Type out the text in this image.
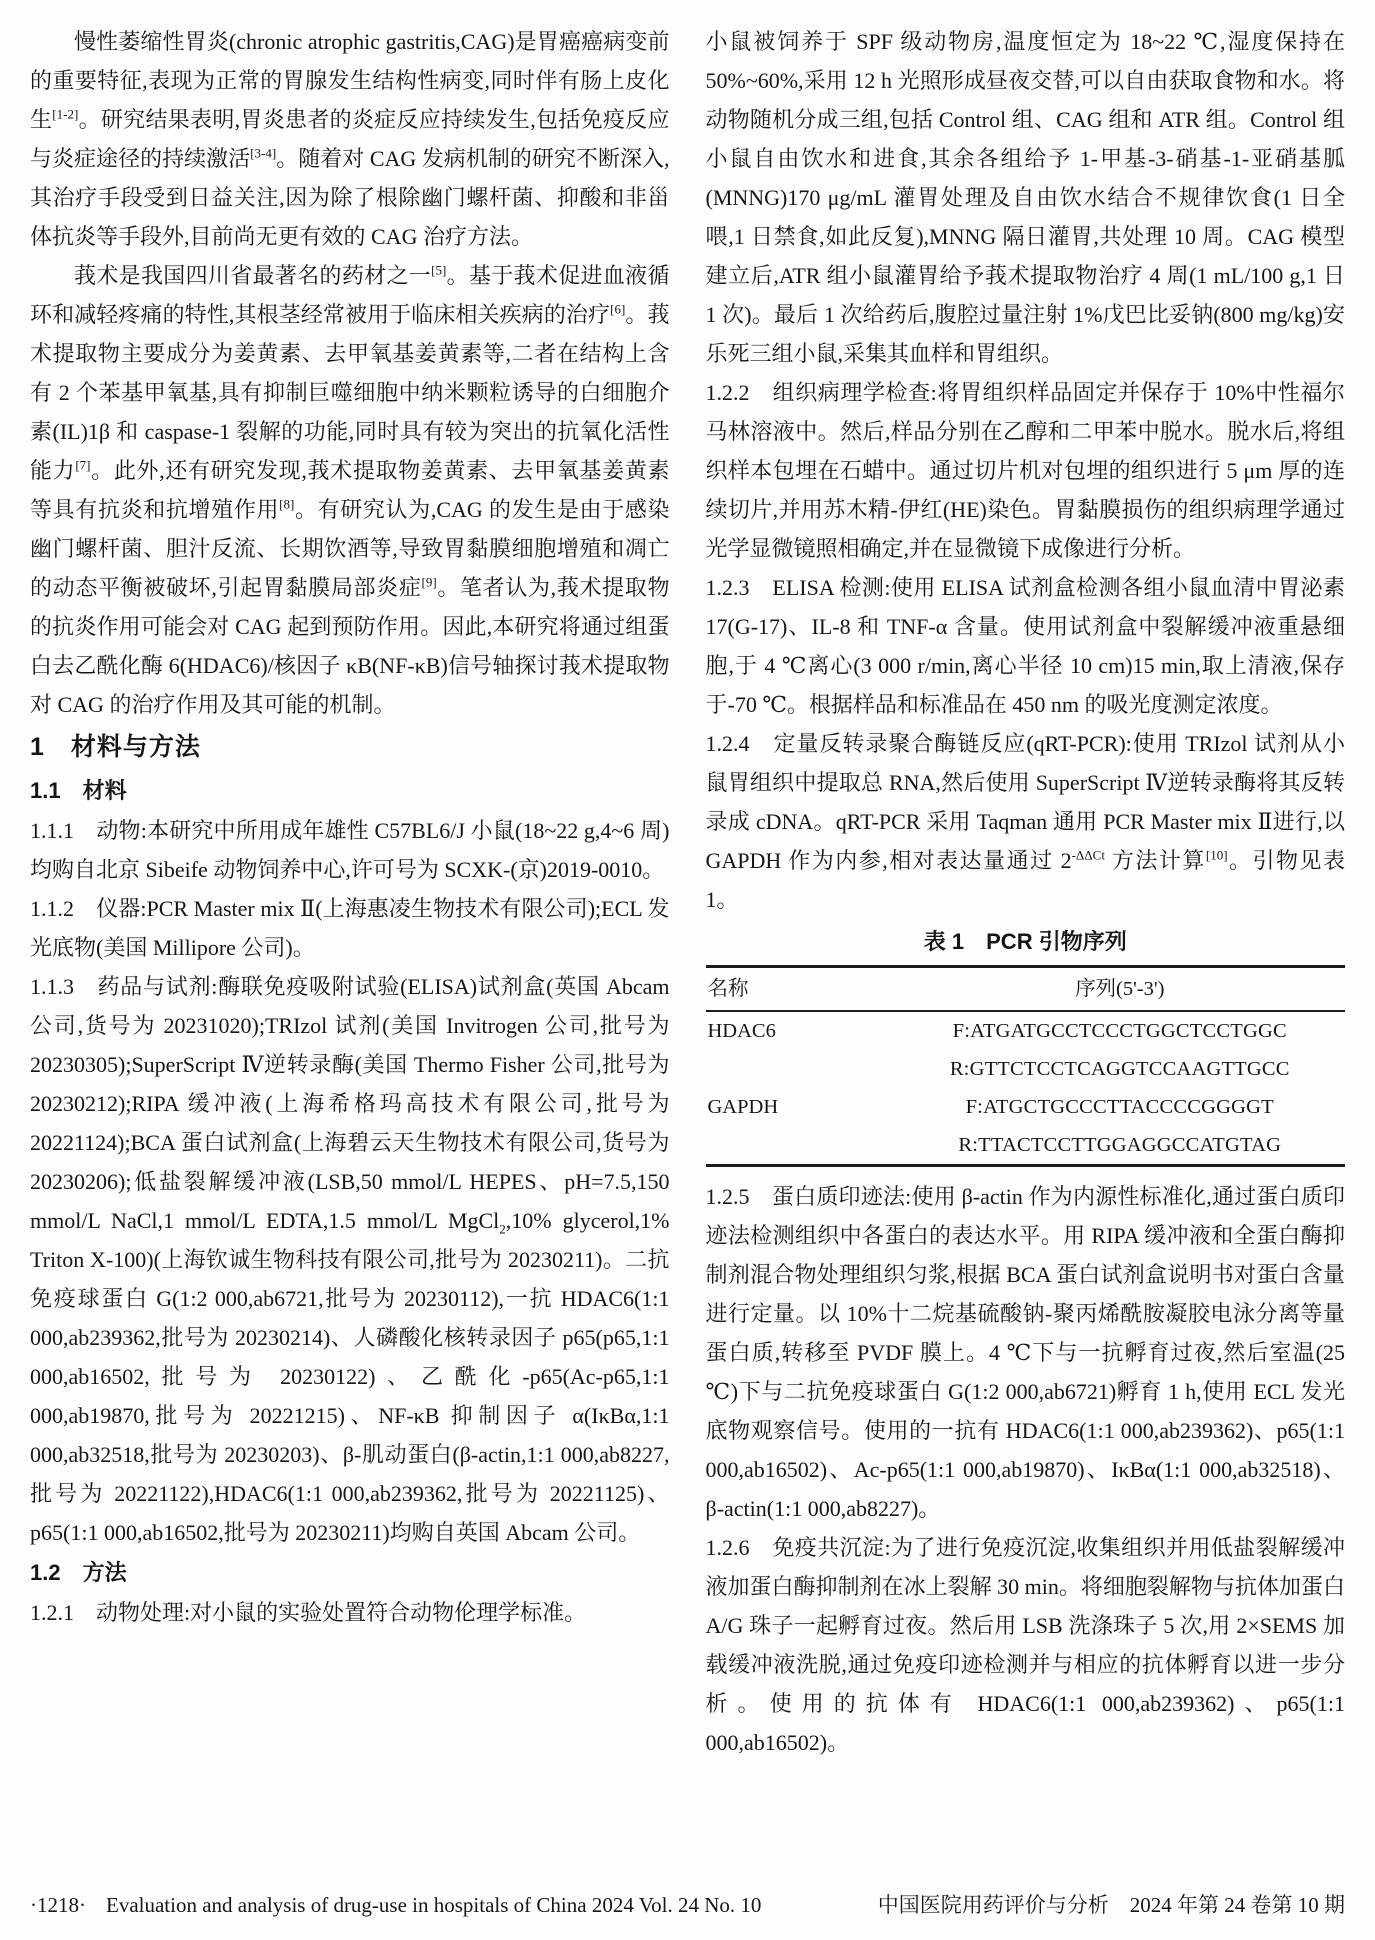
慢性萎缩性胃炎(chronic atrophic gastritis,CAG)是胃癌癌病变前的重要特征,表现为正常的胃腺发生结构性病变,同时伴有肠上皮化生[1-2]。研究结果表明,胃炎患者的炎症反应持续发生,包括免疫反应与炎症途径的持续激活[3-4]。随着对 CAG 发病机制的研究不断深入,其治疗手段受到日益关注,因为除了根除幽门螺杆菌、抑酸和非甾体抗炎等手段外,目前尚无更有效的 CAG 治疗方法。

莪术是我国四川省最著名的药材之一[5]。基于莪术促进血液循环和减轻疼痛的特性,其根茎经常被用于临床相关疾病的治疗[6]。莪术提取物主要成分为姜黄素、去甲氧基姜黄素等,二者在结构上含有 2 个苯基甲氧基,具有抑制巨噬细胞中纳米颗粒诱导的白细胞介素(IL)1β 和 caspase-1 裂解的功能,同时具有较为突出的抗氧化活性能力[7]。此外,还有研究发现,莪术提取物姜黄素、去甲氧基姜黄素等具有抗炎和抗增殖作用[8]。有研究认为,CAG 的发生是由于感染幽门螺杆菌、胆汁反流、长期饮酒等,导致胃黏膜细胞增殖和凋亡的动态平衡被破坏,引起胃黏膜局部炎症[9]。笔者认为,莪术提取物的抗炎作用可能会对 CAG 起到预防作用。因此,本研究将通过组蛋白去乙酰化酶 6(HDAC6)/核因子 κB(NF-κB)信号轴探讨莪术提取物对 CAG 的治疗作用及其可能的机制。

1　材料与方法

1.1　材料

1.1.1　动物:本研究中所用成年雄性 C57BL6/J 小鼠(18~22 g,4~6 周)均购自北京 Sibeife 动物饲养中心,许可号为 SCXK-(京)2019-0010。

1.1.2　仪器:PCR Master mix Ⅱ(上海惠凌生物技术有限公司);ECL 发光底物(美国 Millipore 公司)。

1.1.3　药品与试剂:酶联免疫吸附试验(ELISA)试剂盒(英国 Abcam 公司,货号为 20231020);TRIzol 试剂(美国 Invitrogen 公司,批号为 20230305);SuperScript Ⅳ逆转录酶(美国 Thermo Fisher 公司,批号为 20230212);RIPA 缓冲液(上海希格玛高技术有限公司,批号为 20221124);BCA 蛋白试剂盒(上海碧云天生物技术有限公司,货号为 20230206);低盐裂解缓冲液(LSB,50 mmol/L HEPES、pH=7.5,150 mmol/L NaCl,1 mmol/L EDTA,1.5 mmol/L MgCl$_2$,10% glycerol,1% Triton X-100)(上海钦诚生物科技有限公司,批号为 20230211)。二抗免疫球蛋白 G(1:2 000,ab6721,批号为 20230112),一抗 HDAC6(1:1 000,ab239362,批号为 20230214)、人磷酸化核转录因子 p65(p65,1:1 000,ab16502,批号为 20230122)、乙酰化-p65(Ac-p65,1:1 000,ab19870,批号为 20221215)、NF-κB 抑制因子 α(IκBα,1:1 000,ab32518,批号为 20230203)、β-肌动蛋白(β-actin,1:1 000,ab8227,批号为 20221122),HDAC6(1:1 000,ab239362,批号为 20221125)、p65(1:1 000,ab16502,批号为 20230211)均购自英国 Abcam 公司。

1.2　方法

1.2.1　动物处理:对小鼠的实验处置符合动物伦理学标准。

小鼠被饲养于 SPF 级动物房,温度恒定为 18~22 ℃,湿度保持在 50%~60%,采用 12 h 光照形成昼夜交替,可以自由获取食物和水。将动物随机分成三组,包括 Control 组、CAG 组和 ATR 组。Control 组小鼠自由饮水和进食,其余各组给予 1-甲基-3-硝基-1-亚硝基胍(MNNG)170 μg/mL 灌胃处理及自由饮水结合不规律饮食(1 日全喂,1 日禁食,如此反复),MNNG 隔日灌胃,共处理 10 周。CAG 模型建立后,ATR 组小鼠灌胃给予莪术提取物治疗 4 周(1 mL/100 g,1 日 1 次)。最后 1 次给药后,腹腔过量注射 1%戊巴比妥钠(800 mg/kg)安乐死三组小鼠,采集其血样和胃组织。

1.2.2　组织病理学检查:将胃组织样品固定并保存于 10%中性福尔马林溶液中。然后,样品分别在乙醇和二甲苯中脱水。脱水后,将组织样本包埋在石蜡中。通过切片机对包埋的组织进行 5 μm 厚的连续切片,并用苏木精-伊红(HE)染色。胃黏膜损伤的组织病理学通过光学显微镜照相确定,并在显微镜下成像进行分析。

1.2.3　ELISA 检测:使用 ELISA 试剂盒检测各组小鼠血清中胃泌素 17(G-17)、IL-8 和 TNF-α 含量。使用试剂盒中裂解缓冲液重悬细胞,于 4 ℃离心(3 000 r/min,离心半径 10 cm)15 min,取上清液,保存于-70 ℃。根据样品和标准品在 450 nm 的吸光度测定浓度。

1.2.4　定量反转录聚合酶链反应(qRT-PCR):使用 TRIzol 试剂从小鼠胃组织中提取总 RNA,然后使用 SuperScript Ⅳ逆转录酶将其反转录成 cDNA。qRT-PCR 采用 Taqman 通用 PCR Master mix Ⅱ进行,以 GAPDH 作为内参,相对表达量通过 $2^{-\Delta\Delta Ct}$ 方法计算[10]。引物见表 1。

表 1　PCR 引物序列
名称	序列(5'-3')
HDAC6	F:ATGATGCCTCCCTGGCTCCTGGC
	R:GTTCTCCTCAGGTCCAAGTTGCC
GAPDH	F:ATGCTGCCCTTACCCCGGGGT
	R:TTACTCCTTGGAGGCCATGTAG

1.2.5　蛋白质印迹法:使用 β-actin 作为内源性标准化,通过蛋白质印迹法检测组织中各蛋白的表达水平。用 RIPA 缓冲液和全蛋白酶抑制剂混合物处理组织匀浆,根据 BCA 蛋白试剂盒说明书对蛋白含量进行定量。以 10%十二烷基硫酸钠-聚丙烯酰胺凝胶电泳分离等量蛋白质,转移至 PVDF 膜上。4 ℃下与一抗孵育过夜,然后室温(25 ℃)下与二抗免疫球蛋白 G(1:2 000,ab6721)孵育 1 h,使用 ECL 发光底物观察信号。使用的一抗有 HDAC6(1:1 000,ab239362)、p65(1:1 000,ab16502)、Ac-p65(1:1 000,ab19870)、IκBα(1:1 000,ab32518)、β-actin(1:1 000,ab8227)。

1.2.6　免疫共沉淀:为了进行免疫沉淀,收集组织并用低盐裂解缓冲液加蛋白酶抑制剂在冰上裂解 30 min。将细胞裂解物与抗体加蛋白 A/G 珠子一起孵育过夜。然后用 LSB 洗涤珠子 5 次,用 2×SEMS 加载缓冲液洗脱,通过免疫印迹检测并与相应的抗体孵育以进一步分析。使用的抗体有 HDAC6(1:1 000,ab239362)、p65(1:1 000,ab16502)。

·1218· Evaluation and analysis of drug-use in hospitals of China 2024 Vol. 24 No. 10	中国医院用药评价与分析　2024 年第 24 卷第 10 期
